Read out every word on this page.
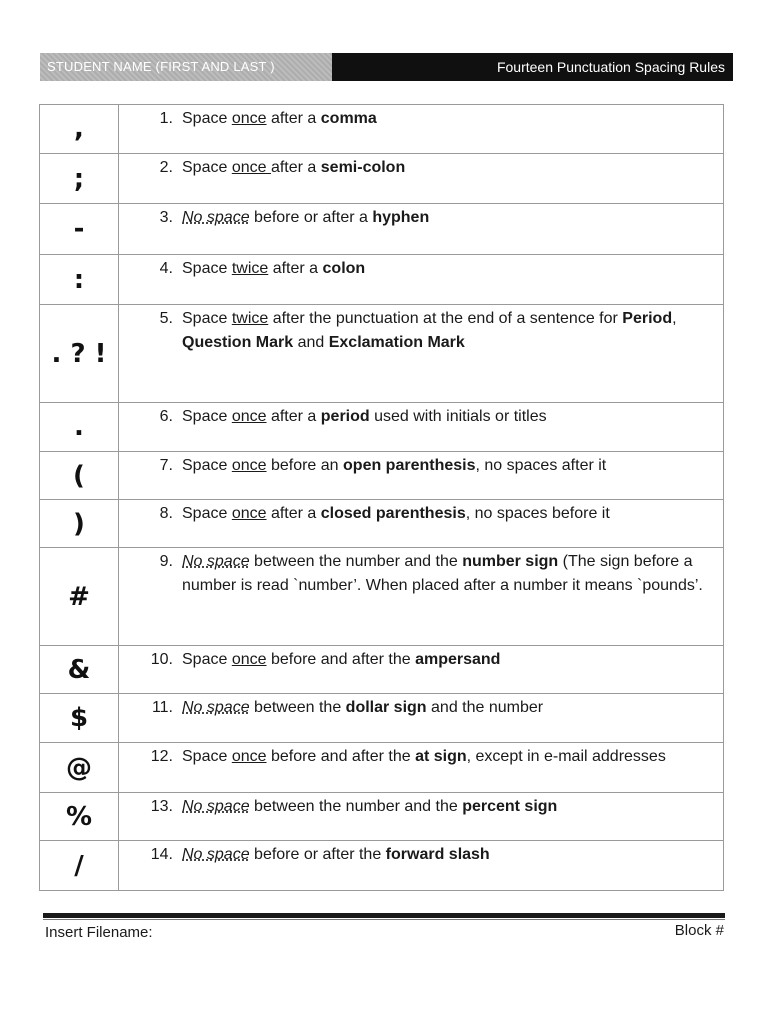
STUDENT NAME (FIRST AND LAST )	Fourteen Punctuation Spacing Rules
,	1. Space once after a comma

;	2. Space once after a semi-colon

-	3. No space before or after a hyphen

:	4. Space twice after a colon

. ? !	5. Space twice after the punctuation at the end of a sentence for Period, Question Mark and Exclamation Mark

.	6. Space once after a period used with initials or titles

(	7. Space once before an open parenthesis, no spaces after it

)	8. Space once after a closed parenthesis, no spaces before it

#	9. No space between the number and the number sign (The sign before a number is read `number’. When placed after a number it means `pounds’.

&	10. Space once before and after the ampersand

$	11. No space between the dollar sign and the number

@	12. Space once before and after the at sign, except in e-mail addresses

%	13. No space between the number and the percent sign

/	14. No space before or after the forward slash
Insert Filename:	Block #
